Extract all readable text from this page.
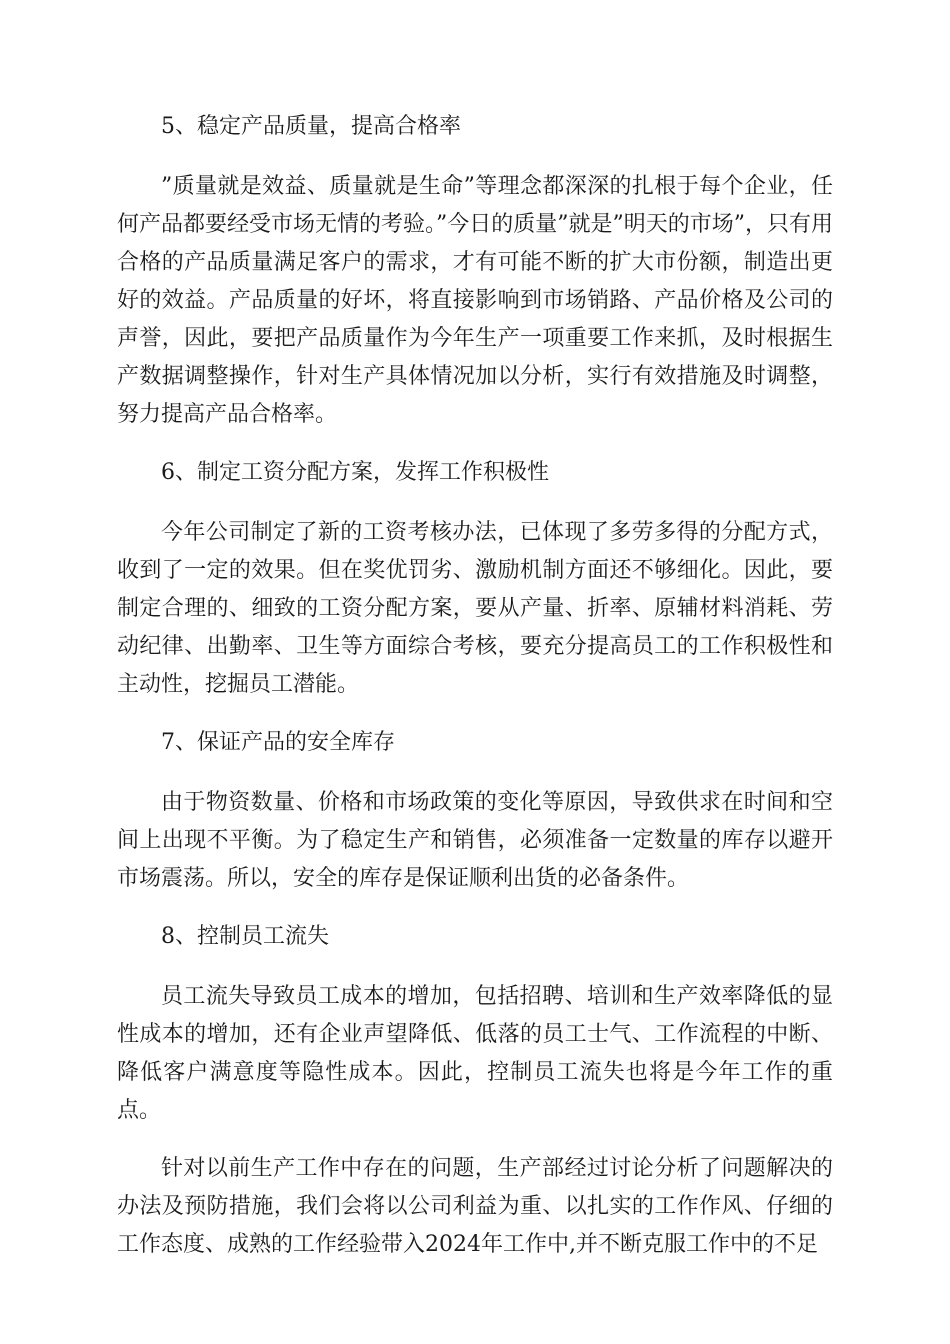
5、稳定产品质量，提高合格率

”质量就是效益、质量就是生命”等理念都深深的扎根于每个企业，任何产品都要经受市场无情的考验。”今日的质量”就是”明天的市场”，只有用合格的产品质量满足客户的需求，才有可能不断的扩大市份额，制造出更好的效益。产品质量的好坏，将直接影响到市场销路、产品价格及公司的声誉，因此，要把产品质量作为今年生产一项重要工作来抓，及时根据生产数据调整操作，针对生产具体情况加以分析，实行有效措施及时调整，努力提高产品合格率。

6、制定工资分配方案，发挥工作积极性

今年公司制定了新的工资考核办法，已体现了多劳多得的分配方式，收到了一定的效果。但在奖优罚劣、激励机制方面还不够细化。因此，要制定合理的、细致的工资分配方案，要从产量、折率、原辅材料消耗、劳动纪律、出勤率、卫生等方面综合考核，要充分提高员工的工作积极性和主动性，挖掘员工潜能。

7、保证产品的安全库存

由于物资数量、价格和市场政策的变化等原因，导致供求在时间和空间上出现不平衡。为了稳定生产和销售，必须准备一定数量的库存以避开市场震荡。所以，安全的库存是保证顺利出货的必备条件。

8、控制员工流失

员工流失导致员工成本的增加，包括招聘、培训和生产效率降低的显性成本的增加，还有企业声望降低、低落的员工士气、工作流程的中断、降低客户满意度等隐性成本。因此，控制员工流失也将是今年工作的重点。

针对以前生产工作中存在的问题，生产部经过讨论分析了问题解决的办法及预防措施，我们会将以公司利益为重、以扎实的工作作风、仔细的工作态度、成熟的工作经验带入2024年工作中,并不断克服工作中的不足
